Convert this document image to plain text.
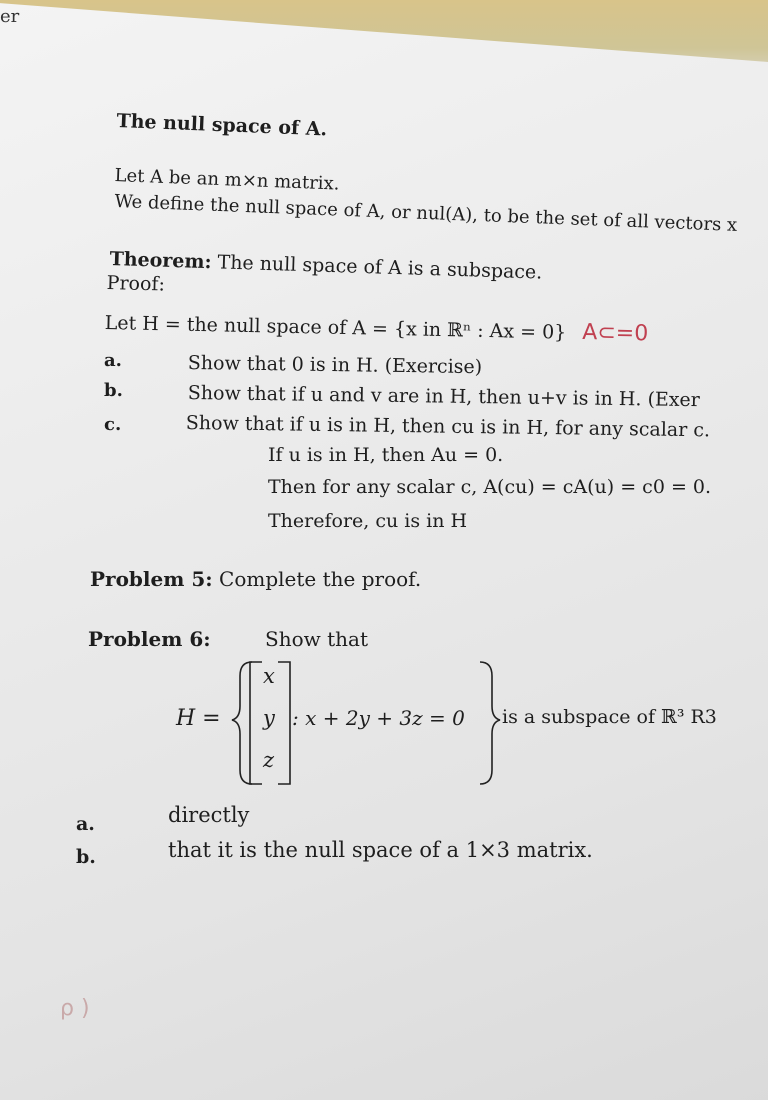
er
The null space of A.
Let A be an m×n matrix.
We define the null space of A, or nul(A), to be the set of all vectors x
Theorem: The null space of A is a subspace.
Proof:
Let H = the null space of A = {x in ℝⁿ : Ax = 0} A⊂=0
a.	Show that 0 is in H. (Exercise)
b.	Show that if u and v are in H, then u+v is in H. (Exer
c.	Show that if u is in H, then cu is in H, for any scalar c.
If u is in H, then Au = 0.
Then for any scalar c, A(cu) = cA(u) = c0 = 0.
Therefore, cu is in H
Problem 5: Complete the proof.
Problem 6:	Show that
H =
x
y
z
: x + 2y + 3z = 0 is a subspace of ℝ³ R3
a.	directly
b.	that it is the null space of a 1×3 matrix.
ρ )
